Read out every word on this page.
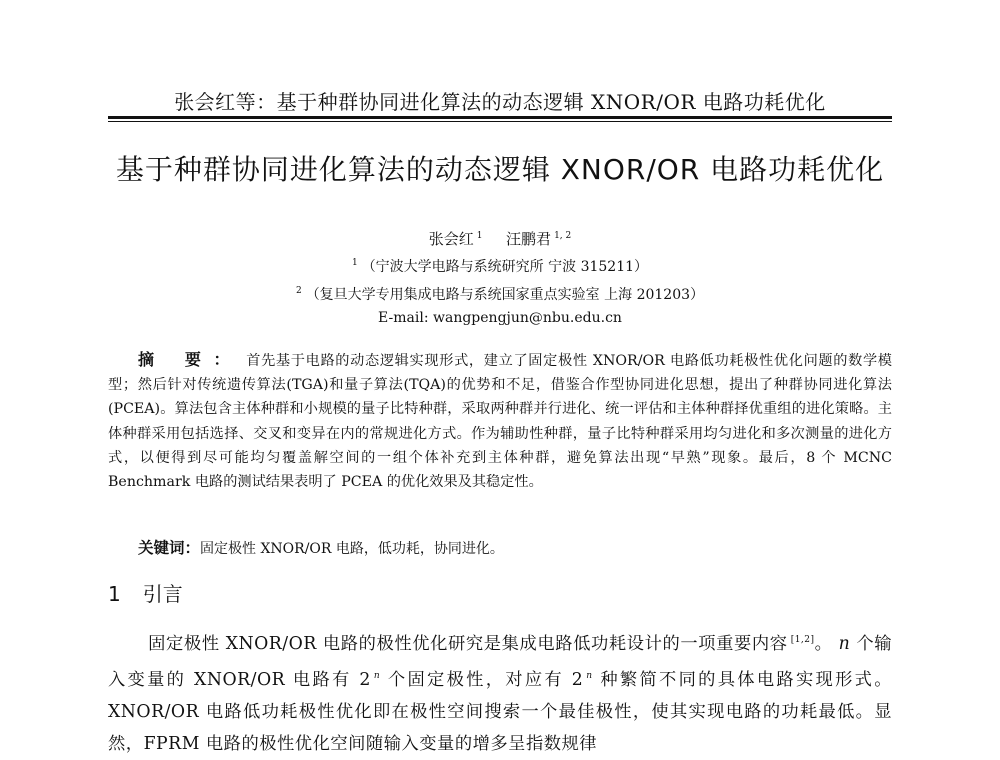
张会红等：基于种群协同进化算法的动态逻辑 XNOR/OR 电路功耗优化
基于种群协同进化算法的动态逻辑 XNOR/OR 电路功耗优化
张会红 $^1$ 汪鹏君 $^{1, 2}$
$^1$ （宁波大学电路与系统研究所 宁波 315211）
$^2$ （复旦大学专用集成电路与系统国家重点实验室 上海 201203）
E-mail: wangpengjun@nbu.edu.cn
摘 要： 首先基于电路的动态逻辑实现形式，建立了固定极性 XNOR/OR 电路低功耗极性优化问题的数学模型；然后针对传统遗传算法(TGA)和量子算法(TQA)的优势和不足，借鉴合作型协同进化思想，提出了种群协同进化算法(PCEA)。算法包含主体种群和小规模的量子比特种群，采取两种群并行进化、统一评估和主体种群择优重组的进化策略。主体种群采用包括选择、交叉和变异在内的常规进化方式。作为辅助性种群，量子比特种群采用均匀进化和多次测量的进化方式，以便得到尽可能均匀覆盖解空间的一组个体补充到主体种群，避免算法出现“早熟”现象。最后，8 个 MCNC Benchmark 电路的测试结果表明了 PCEA 的优化效果及其稳定性。
关键词：固定极性 XNOR/OR 电路，低功耗，协同进化。
1 引言
固定极性 XNOR/OR 电路的极性优化研究是集成电路低功耗设计的一项重要内容 [1,2]。 n 个输入变量的 XNOR/OR 电路有 2 $^n$ 个固定极性，对应有 2 $^n$ 种繁简不同的具体电路实现形式。XNOR/OR 电路低功耗极性优化即在极性空间搜索一个最佳极性，使其实现电路的功耗最低。显然，FPRM 电路的极性优化空间随输入变量的增多呈指数规律
